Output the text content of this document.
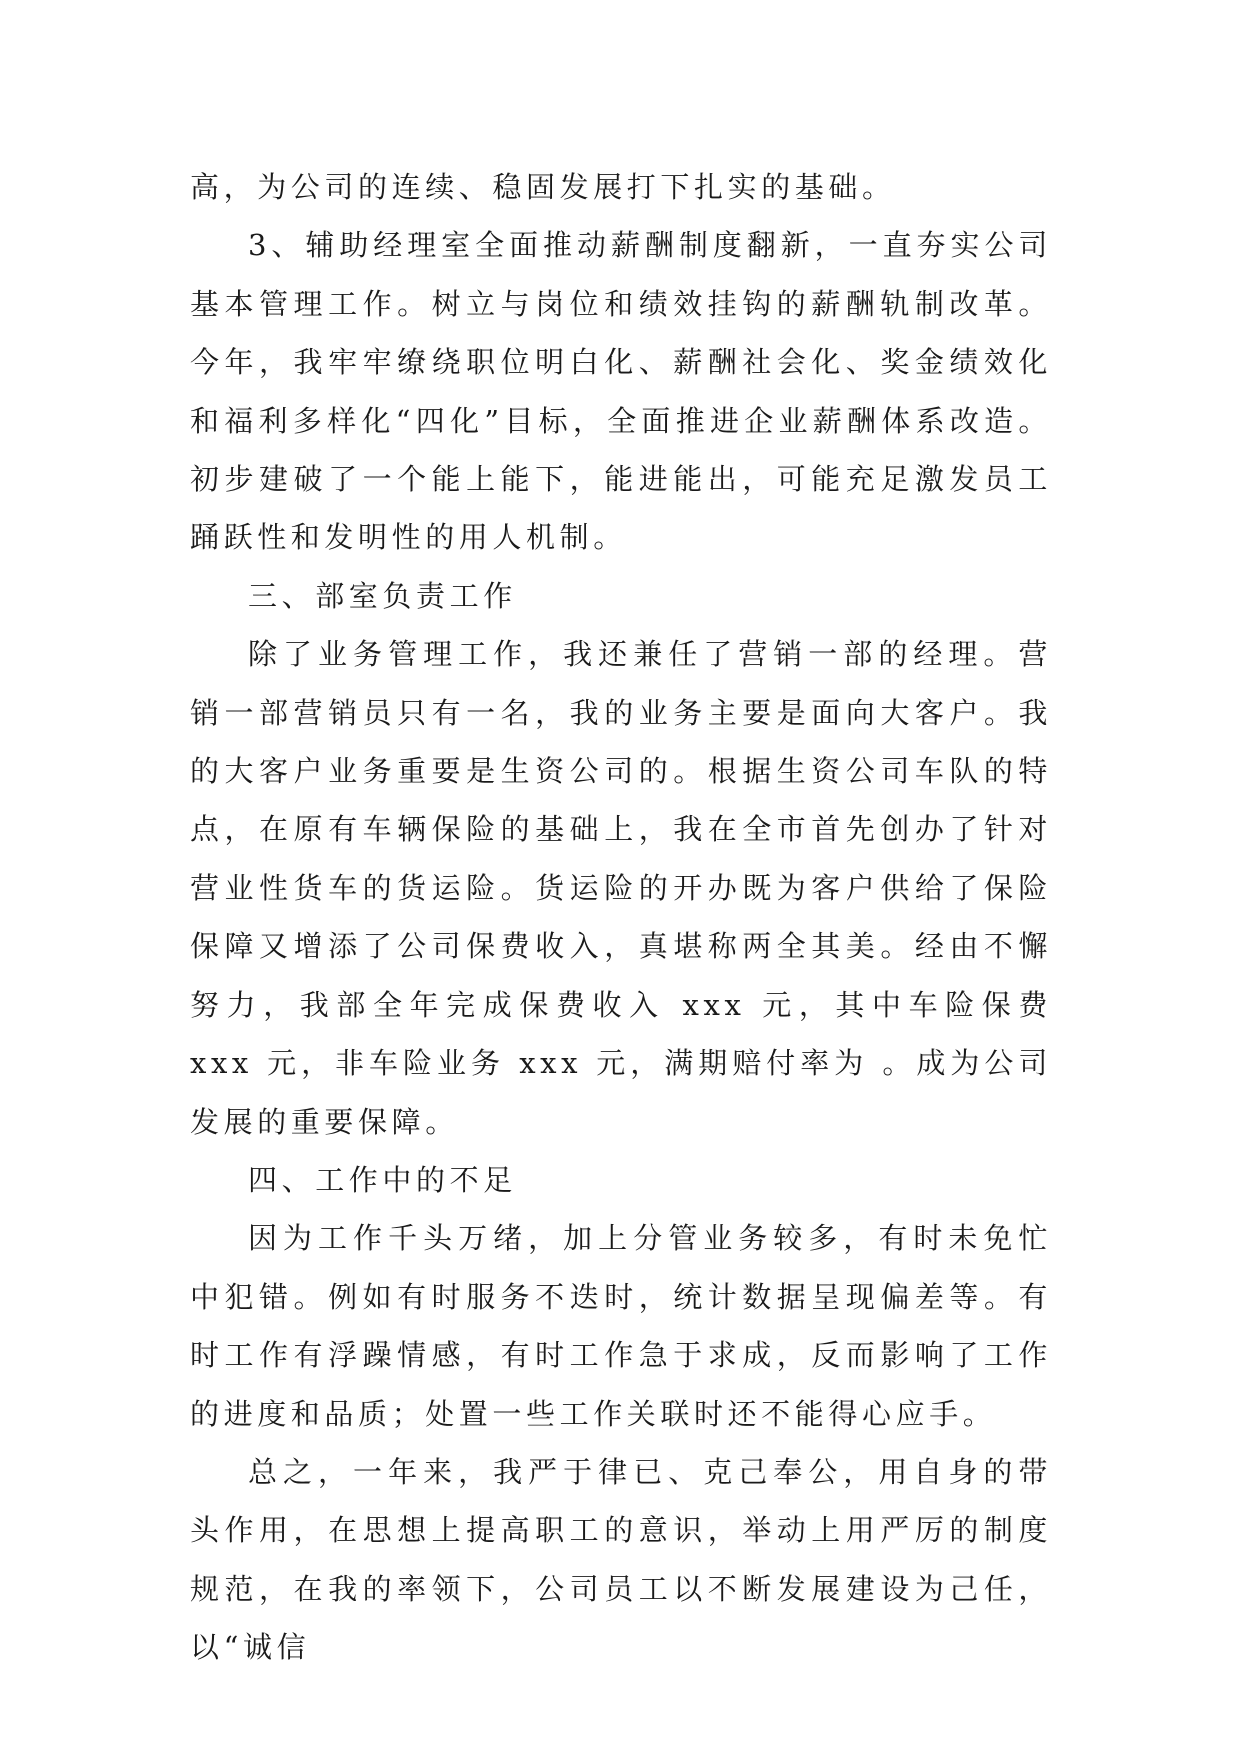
高，为公司的连续、稳固发展打下扎实的基础。

3、辅助经理室全面推动薪酬制度翻新，一直夯实公司基本管理工作。树立与岗位和绩效挂钩的薪酬轨制改革。今年，我牢牢缭绕职位明白化、薪酬社会化、奖金绩效化和福利多样化“四化”目标，全面推进企业薪酬体系改造。初步建破了一个能上能下，能进能出，可能充足激发员工踊跃性和发明性的用人机制。

三、部室负责工作

除了业务管理工作，我还兼任了营销一部的经理。营销一部营销员只有一名，我的业务主要是面向大客户。我的大客户业务重要是生资公司的。根据生资公司车队的特点，在原有车辆保险的基础上，我在全市首先创办了针对营业性货车的货运险。货运险的开办既为客户供给了保险保障又增添了公司保费收入，真堪称两全其美。经由不懈努力，我部全年完成保费收入 xxx 元，其中车险保费 xxx 元，非车险业务 xxx 元，满期赔付率为 。成为公司发展的重要保障。

四、工作中的不足

因为工作千头万绪，加上分管业务较多，有时未免忙中犯错。例如有时服务不迭时，统计数据呈现偏差等。有时工作有浮躁情感，有时工作急于求成，反而影响了工作的进度和品质；处置一些工作关联时还不能得心应手。

总之，一年来，我严于律已、克己奉公，用自身的带头作用，在思想上提高职工的意识，举动上用严厉的制度规范，在我的率领下，公司员工以不断发展建设为己任，以“诚信
